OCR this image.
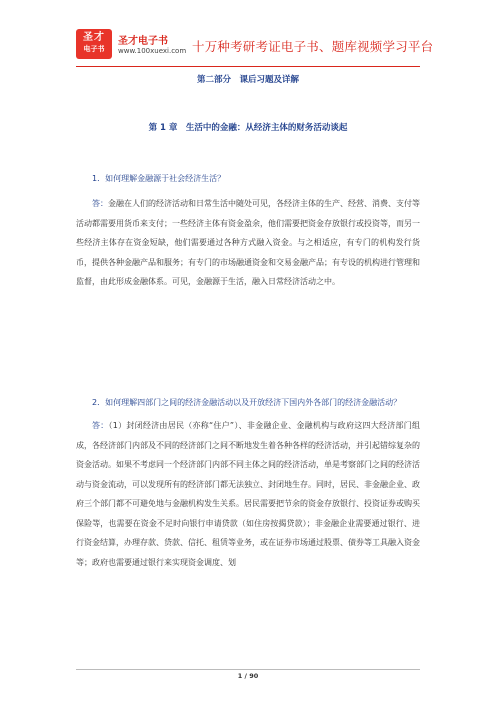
圣才
电子书
圣才电子书
www.100xuexi.com 十万种考研考证电子书、题库视频学习平台
第二部分　课后习题及详解
第 1 章　生活中的金融：从经济主体的财务活动谈起

1．如何理解金融源于社会经济生活？

答：金融在人们的经济活动和日常生活中随处可见，各经济主体的生产、经营、消费、支付等活动都需要用货币来支付；一些经济主体有资金盈余，他们需要把资金存放银行或投资等，而另一些经济主体存在资金短缺，他们需要通过各种方式融入资金。与之相适应，有专门的机构发行货币，提供各种金融产品和服务；有专门的市场融通资金和交易金融产品；有专设的机构进行管理和监督，由此形成金融体系。可见，金融源于生活，融入日常经济活动之中。

2．如何理解四部门之间的经济金融活动以及开放经济下国内外各部门的经济金融活动？

答：（1）封闭经济由居民（亦称“住户”）、非金融企业、金融机构与政府这四大经济部门组成，各经济部门内部及不同的经济部门之间不断地发生着各种各样的经济活动，并引起错综复杂的资金活动。如果不考虑同一个经济部门内部不同主体之间的经济活动，单是考察部门之间的经济活动与资金流动，可以发现所有的经济部门都无法独立、封闭地生存。同时，居民、非金融企业、政府三个部门都不可避免地与金融机构发生关系。居民需要把节余的资金存放银行、投资证券或购买保险等，也需要在资金不足时向银行申请贷款（如住房按揭贷款）；非金融企业需要通过银行、进行资金结算，办理存款、贷款、信托、租赁等业务，或在证券市场通过股票、债券等工具融入资金等；政府也需要通过银行来实现资金调度、划

1 / 90
